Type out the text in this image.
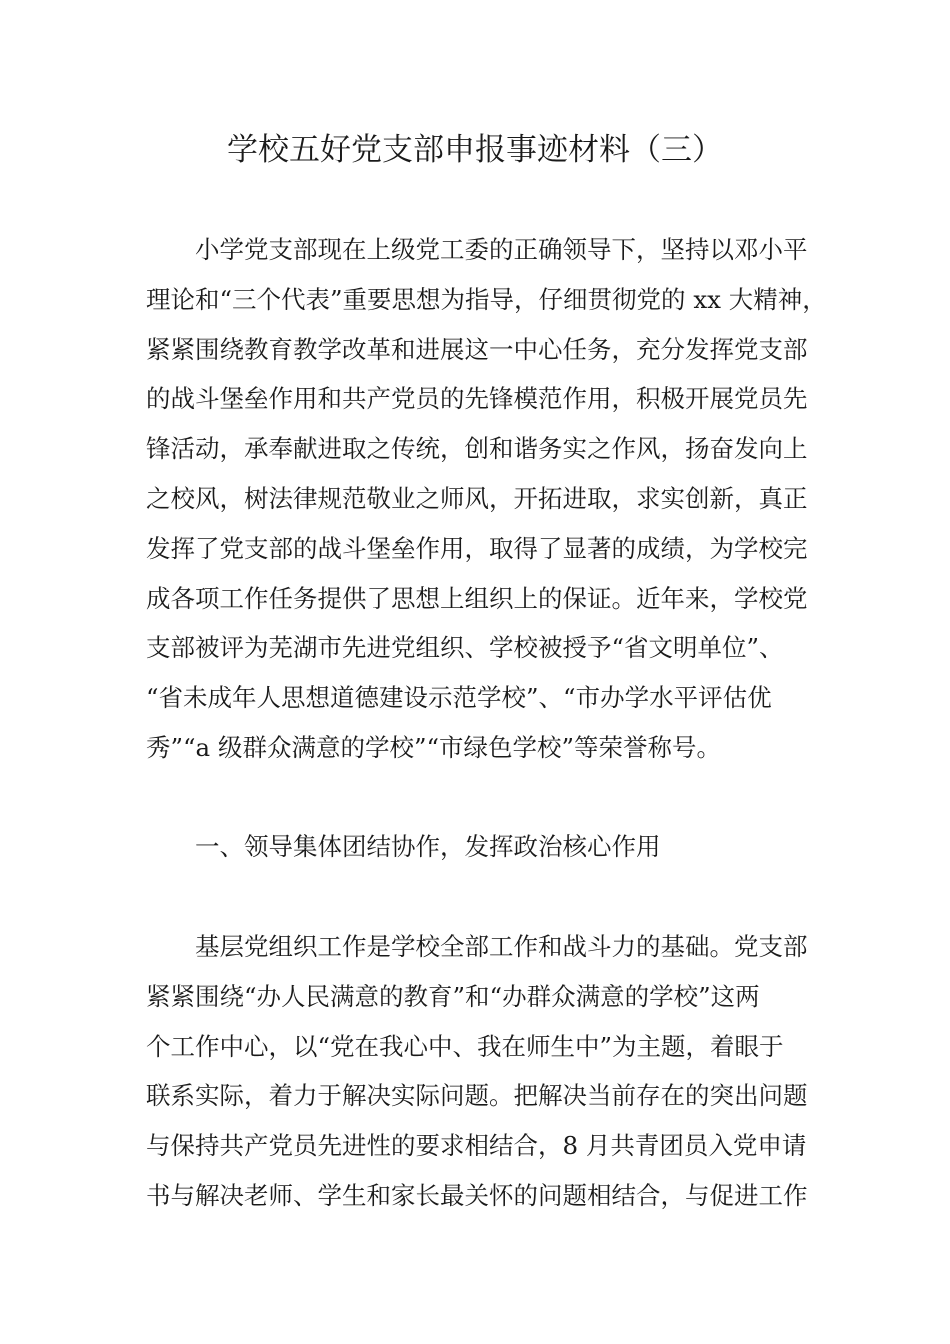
学校五好党支部申报事迹材料（三）

小学党支部现在上级党工委的正确领导下，坚持以邓小平
理论和“三个代表”重要思想为指导，仔细贯彻党的 xx 大精神，
紧紧围绕教育教学改革和进展这一中心任务，充分发挥党支部
的战斗堡垒作用和共产党员的先锋模范作用，积极开展党员先
锋活动，承奉献进取之传统，创和谐务实之作风，扬奋发向上
之校风，树法律规范敬业之师风，开拓进取，求实创新，真正
发挥了党支部的战斗堡垒作用，取得了显著的成绩，为学校完
成各项工作任务提供了思想上组织上的保证。近年来，学校党
支部被评为芜湖市先进党组织、学校被授予“省文明单位”、
“省未成年人思想道德建设示范学校”、“市办学水平评估优
秀”“a 级群众满意的学校”“市绿色学校”等荣誉称号。

一、领导集体团结协作，发挥政治核心作用

基层党组织工作是学校全部工作和战斗力的基础。党支部
紧紧围绕“办人民满意的教育”和“办群众满意的学校”这两
个工作中心，以“党在我心中、我在师生中”为主题，着眼于
联系实际，着力于解决实际问题。把解决当前存在的突出问题
与保持共产党员先进性的要求相结合，8 月共青团员入党申请
书与解决老师、学生和家长最关怀的问题相结合，与促进工作
